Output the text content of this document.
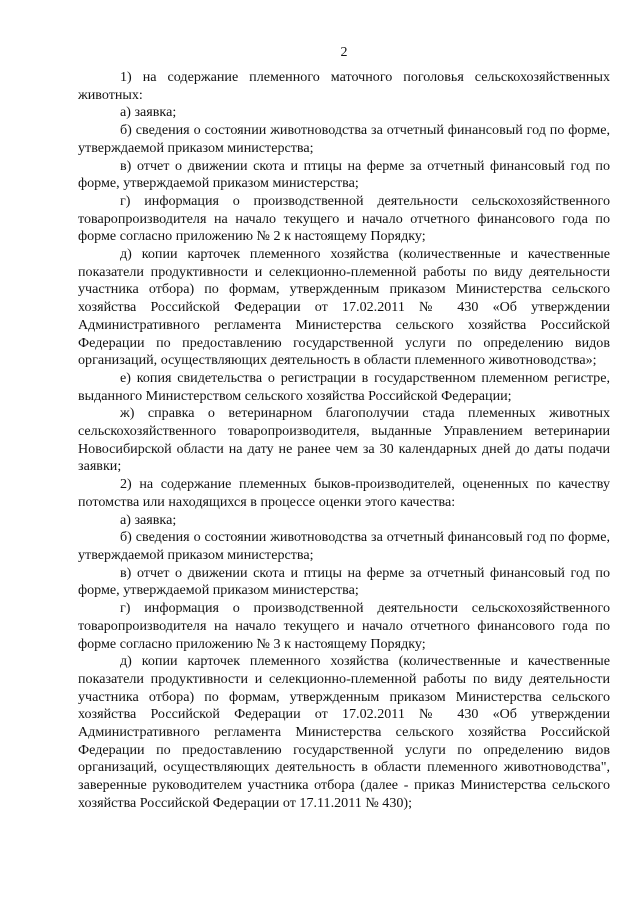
2

1) на содержание племенного маточного поголовья сельскохозяйственных животных:

а) заявка;

б) сведения о состоянии животноводства за отчетный финансовый год по форме, утверждаемой приказом министерства;

в) отчет о движении скота и птицы на ферме за отчетный финансовый год по форме, утверждаемой приказом министерства;

г) информация о производственной деятельности сельскохозяйственного товаропроизводителя на начало текущего и начало отчетного финансового года по форме согласно приложению № 2 к настоящему Порядку;

д) копии карточек племенного хозяйства (количественные и качественные показатели продуктивности и селекционно-племенной работы по виду деятельности участника отбора) по формам, утвержденным приказом Министерства сельского хозяйства Российской Федерации от 17.02.2011 № 430 «Об утверждении Административного регламента Министерства сельского хозяйства Российской Федерации по предоставлению государственной услуги по определению видов организаций, осуществляющих деятельность в области племенного животноводства»;

е) копия свидетельства о регистрации в государственном племенном регистре, выданного Министерством сельского хозяйства Российской Федерации;

ж) справка о ветеринарном благополучии стада племенных животных сельскохозяйственного товаропроизводителя, выданные Управлением ветеринарии Новосибирской области на дату не ранее чем за 30 календарных дней до даты подачи заявки;

2) на содержание племенных быков-производителей, оцененных по качеству потомства или находящихся в процессе оценки этого качества:

а) заявка;

б) сведения о состоянии животноводства за отчетный финансовый год по форме, утверждаемой приказом министерства;

в) отчет о движении скота и птицы на ферме за отчетный финансовый год по форме, утверждаемой приказом министерства;

г) информация о производственной деятельности сельскохозяйственного товаропроизводителя на начало текущего и начало отчетного финансового года по форме согласно приложению № 3 к настоящему Порядку;

д) копии карточек племенного хозяйства (количественные и качественные показатели продуктивности и селекционно-племенной работы по виду деятельности участника отбора) по формам, утвержденным приказом Министерства сельского хозяйства Российской Федерации от 17.02.2011 № 430 «Об утверждении Административного регламента Министерства сельского хозяйства Российской Федерации по предоставлению государственной услуги по определению видов организаций, осуществляющих деятельность в области племенного животноводства", заверенные руководителем участника отбора (далее - приказ Министерства сельского хозяйства Российской Федерации от 17.11.2011 № 430);
